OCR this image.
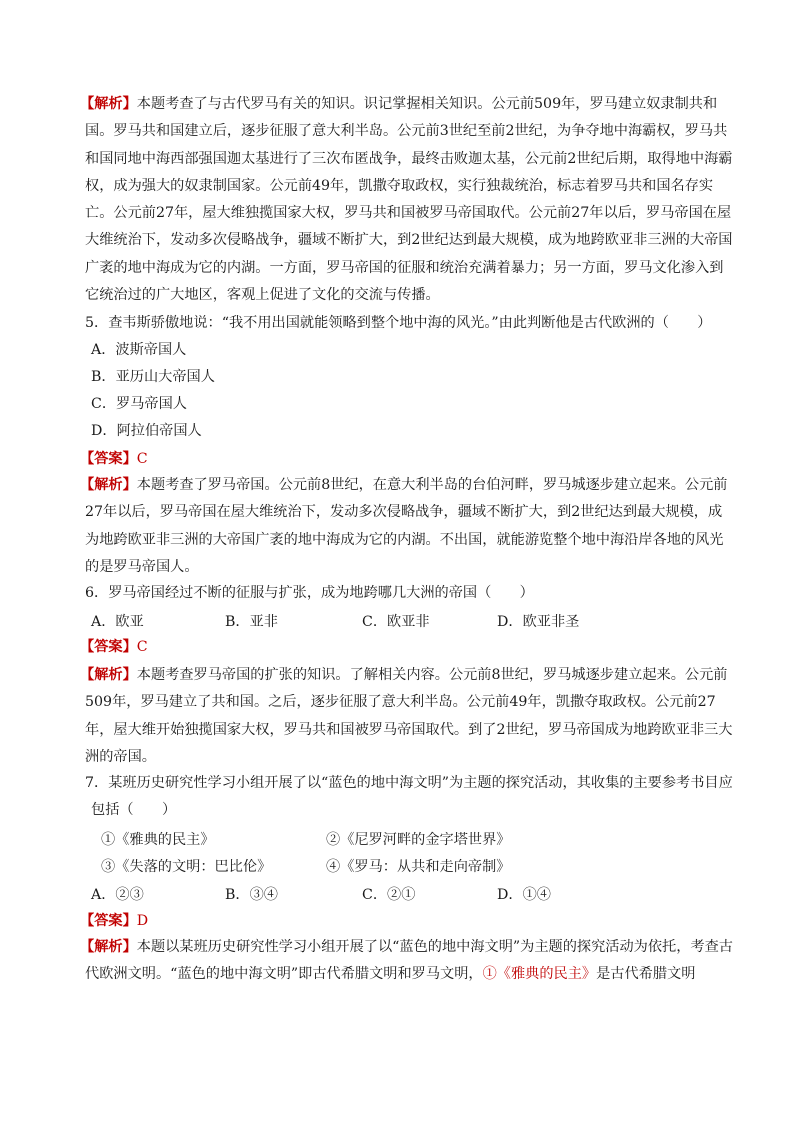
【解析】本题考查了与古代罗马有关的知识。识记掌握相关知识。公元前509年，罗马建立奴隶制共和国。罗马共和国建立后，逐步征服了意大利半岛。公元前3世纪至前2世纪，为争夺地中海霸权，罗马共和国同地中海西部强国迦太基进行了三次布匿战争，最终击败迦太基，公元前2世纪后期，取得地中海霸权，成为强大的奴隶制国家。公元前49年，凯撒夺取政权，实行独裁统治，标志着罗马共和国名存实亡。公元前27年，屋大维独揽国家大权，罗马共和国被罗马帝国取代。公元前27年以后，罗马帝国在屋大维统治下，发动多次侵略战争，疆域不断扩大，到2世纪达到最大规模，成为地跨欧亚非三洲的大帝国广袤的地中海成为它的内湖。一方面，罗马帝国的征服和统治充满着暴力；另一方面，罗马文化渗入到它统治过的广大地区，客观上促进了文化的交流与传播。
5．查韦斯骄傲地说：“我不用出国就能领略到整个地中海的风光。”由此判断他是古代欧洲的（　　）
A．波斯帝国人
B．亚历山大帝国人
C．罗马帝国人
D．阿拉伯帝国人
【答案】C
【解析】本题考查了罗马帝国。公元前8世纪，在意大利半岛的台伯河畔，罗马城逐步建立起来。公元前27年以后，罗马帝国在屋大维统治下，发动多次侵略战争，疆域不断扩大，到2世纪达到最大规模，成为地跨欧亚非三洲的大帝国广袤的地中海成为它的内湖。不出国，就能游览整个地中海沿岸各地的风光的是罗马帝国人。
6．罗马帝国经过不断的征服与扩张，成为地跨哪几大洲的帝国（　　）
A．欧亚	B．亚非	C．欧亚非	D．欧亚非圣
【答案】C
【解析】本题考查罗马帝国的扩张的知识。了解相关内容。公元前8世纪，罗马城逐步建立起来。公元前509年，罗马建立了共和国。之后，逐步征服了意大利半岛。公元前49年，凯撒夺取政权。公元前27年，屋大维开始独揽国家大权，罗马共和国被罗马帝国取代。到了2世纪，罗马帝国成为地跨欧亚非三大洲的帝国。
7．某班历史研究性学习小组开展了以“蓝色的地中海文明”为主题的探究活动，其收集的主要参考书目应
包括（　　）
①《雅典的民主》	②《尼罗河畔的金字塔世界》
③《失落的文明：巴比伦》	④《罗马：从共和走向帝制》
A．②③	B．③④	C．②①	D．①④
【答案】D
【解析】本题以某班历史研究性学习小组开展了以“蓝色的地中海文明”为主题的探究活动为依托，考查古代欧洲文明。“蓝色的地中海文明”即古代希腊文明和罗马文明，①《雅典的民主》是古代希腊文明
